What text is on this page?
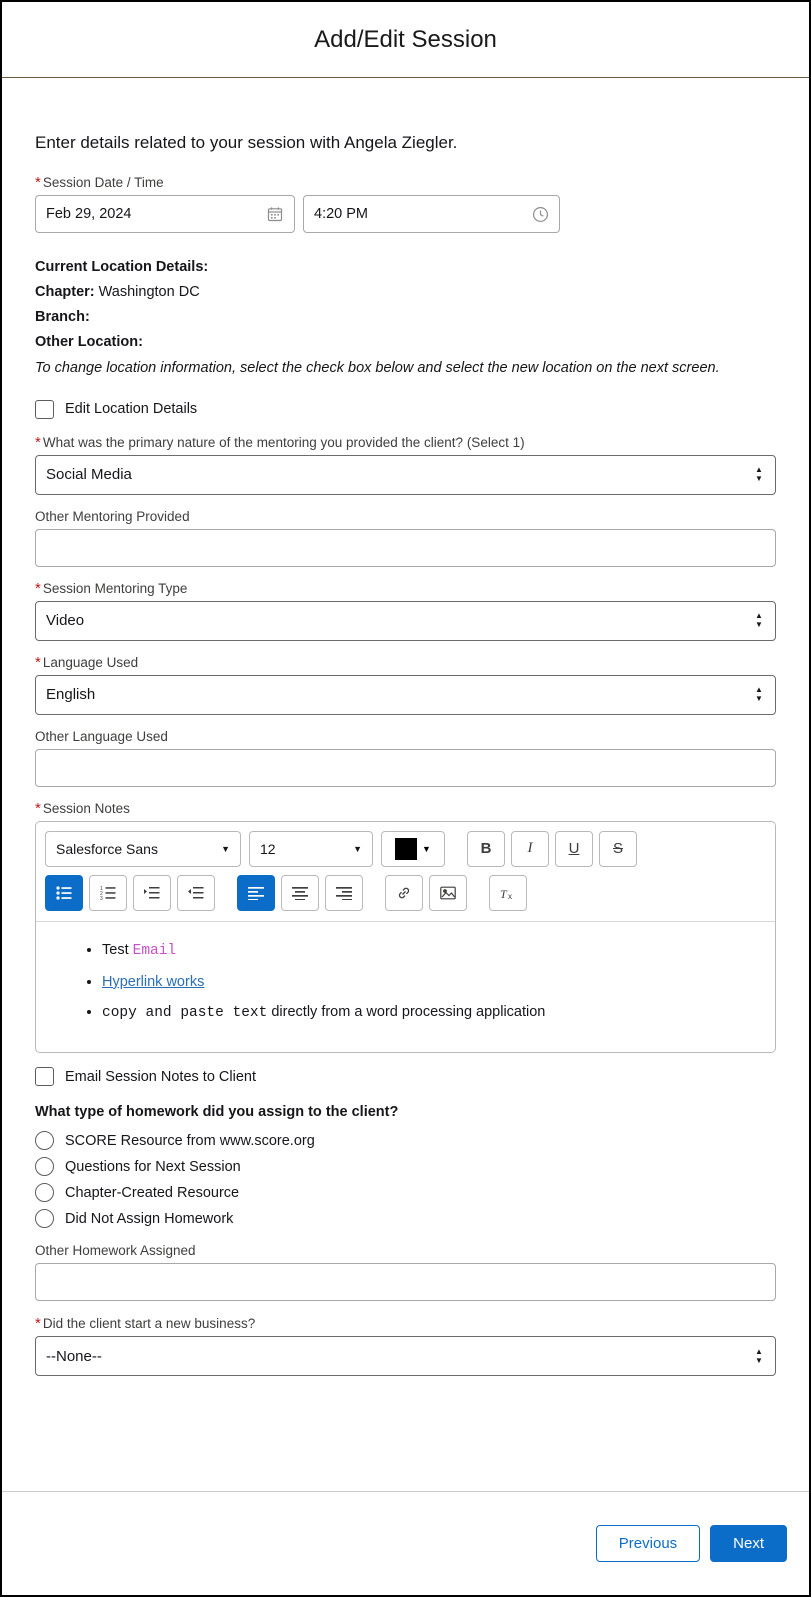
Add/Edit Session
Enter details related to your session with Angela Ziegler.
* Session Date / Time
Feb 29, 2024	4:20 PM
Current Location Details:
Chapter: Washington DC
Branch:
Other Location:
To change location information, select the check box below and select the new location on the next screen.
Edit Location Details
* What was the primary nature of the mentoring you provided the client? (Select 1)
Social Media	▲
▼
Other Mentoring Provided
* Session Mentoring Type
Video	▲
▼
* Language Used
English	▲
▼
Other Language Used
* Session Notes
Salesforce Sans	▼ 12	▼	▼	B	I	U	S
1
2
3	T x
• Test Email
• Hyperlink works
• copy and paste text directly from a word processing application
Email Session Notes to Client
What type of homework did you assign to the client?
SCORE Resource from www.score.org
Questions for Next Session
Chapter-Created Resource
Did Not Assign Homework
Other Homework Assigned
* Did the client start a new business?
--None--	▲
▼
Previous	Next
